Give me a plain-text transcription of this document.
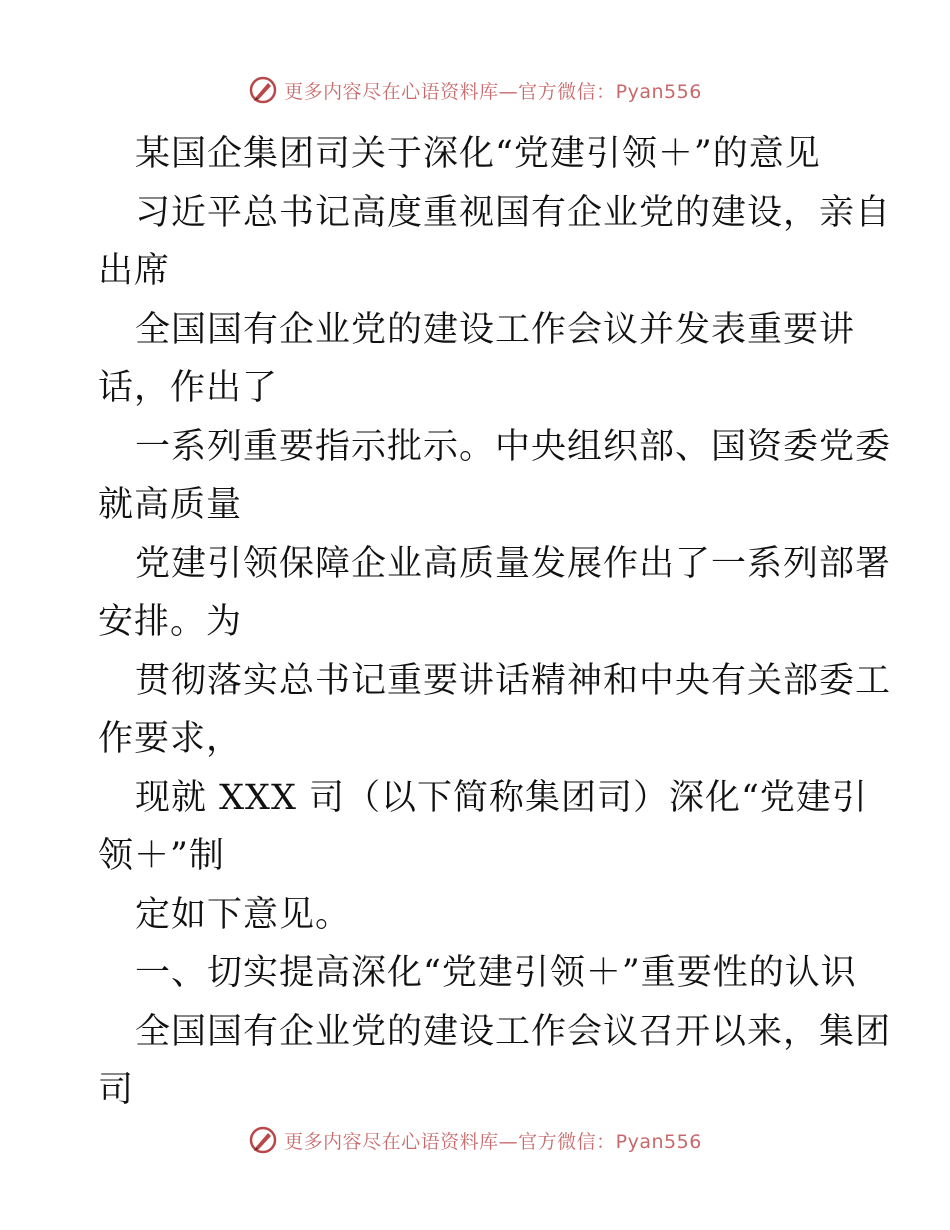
更多内容尽在心语资料库—官方微信：Pyan556
某国企集团司关于深化“党建引领＋”的意见
习近平总书记高度重视国有企业党的建设，亲自
出席
全国国有企业党的建设工作会议并发表重要讲
话，作出了
一系列重要指示批示。中央组织部、国资委党委
就高质量
党建引领保障企业高质量发展作出了一系列部署
安排。为
贯彻落实总书记重要讲话精神和中央有关部委工
作要求，
现就 XXX 司（以下简称集团司）深化“党建引
领＋”制
定如下意见。
一、切实提高深化“党建引领＋”重要性的认识
全国国有企业党的建设工作会议召开以来，集团
司
更多内容尽在心语资料库—官方微信：Pyan556
